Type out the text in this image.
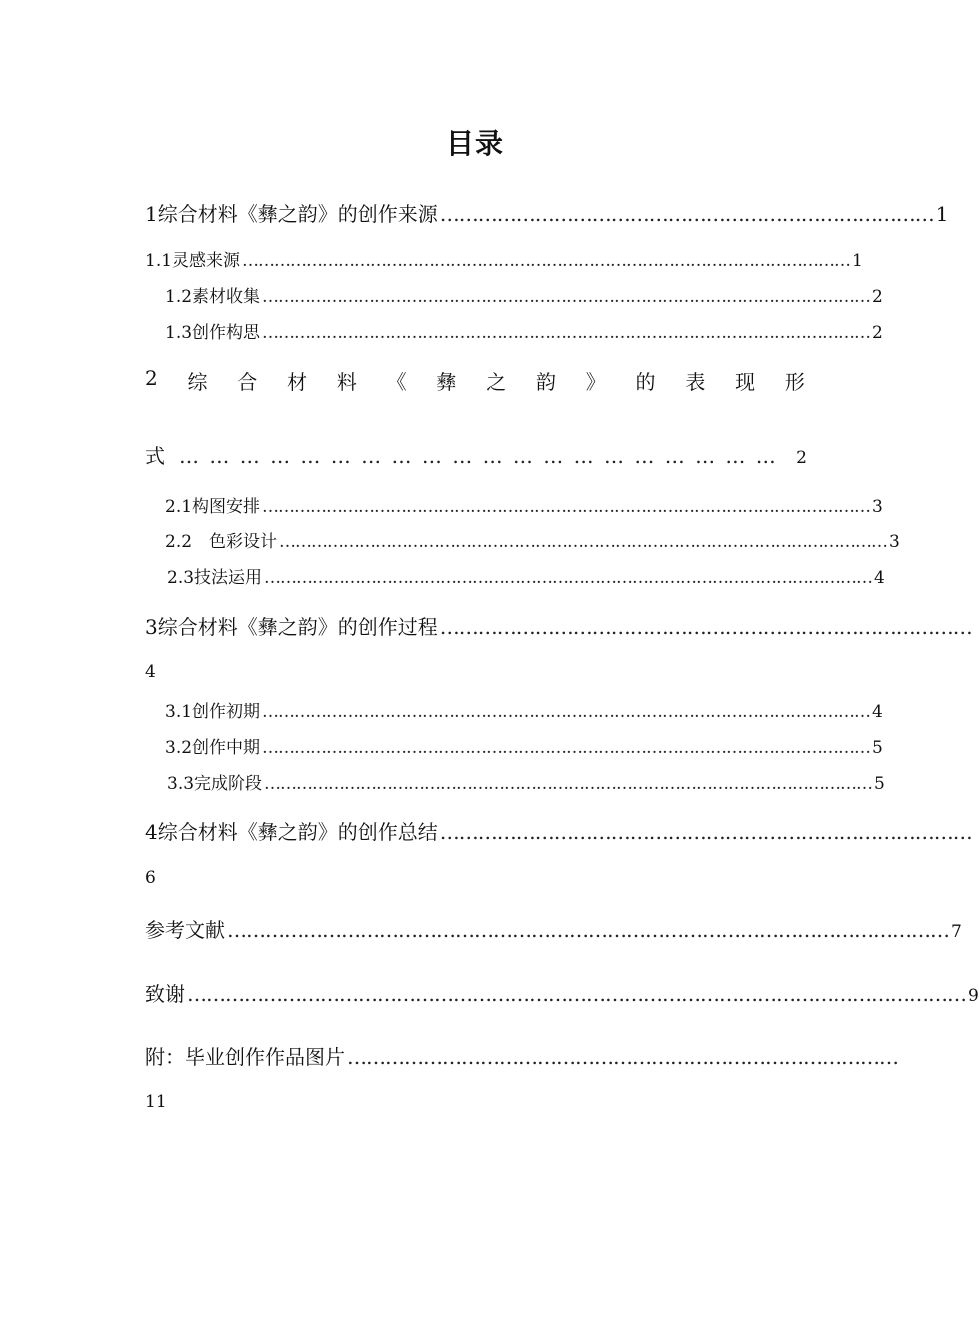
目录
1综合材料《彝之韵》的创作来源 …………………………………………………………………… 1
1.1灵感来源 …………………………………………………………………………………………………… 1
1.2素材收集 …………………………………………………………………………………………………… 2
1.3创作构思 …………………………………………………………………………………………………… 2
2 综 合 材 料 《 彝 之 韵 》 的 表 现 形
式 … … … … … … … … … … … … … … … … … … … …	2
2.1构图安排 …………………………………………………………………………………………………… 3
2.2　色彩设计 …………………………………………………………………………………………………… 3
2.3技法运用 …………………………………………………………………………………………………… 4
3综合材料《彝之韵》的创作过程 …………………………………………………………………………
4
3.1创作初期 …………………………………………………………………………………………………… 4
3.2创作中期 …………………………………………………………………………………………………… 5
3.3完成阶段 …………………………………………………………………………………………………… 5
4综合材料《彝之韵》的创作总结 …………………………………………………………………………
6
参考文献 …………………………………………………………………………………………………… 7
致谢 …………………………………………………………………………………………………………… 9
附：毕业创作作品图片 ……………………………………………………………………………
11
